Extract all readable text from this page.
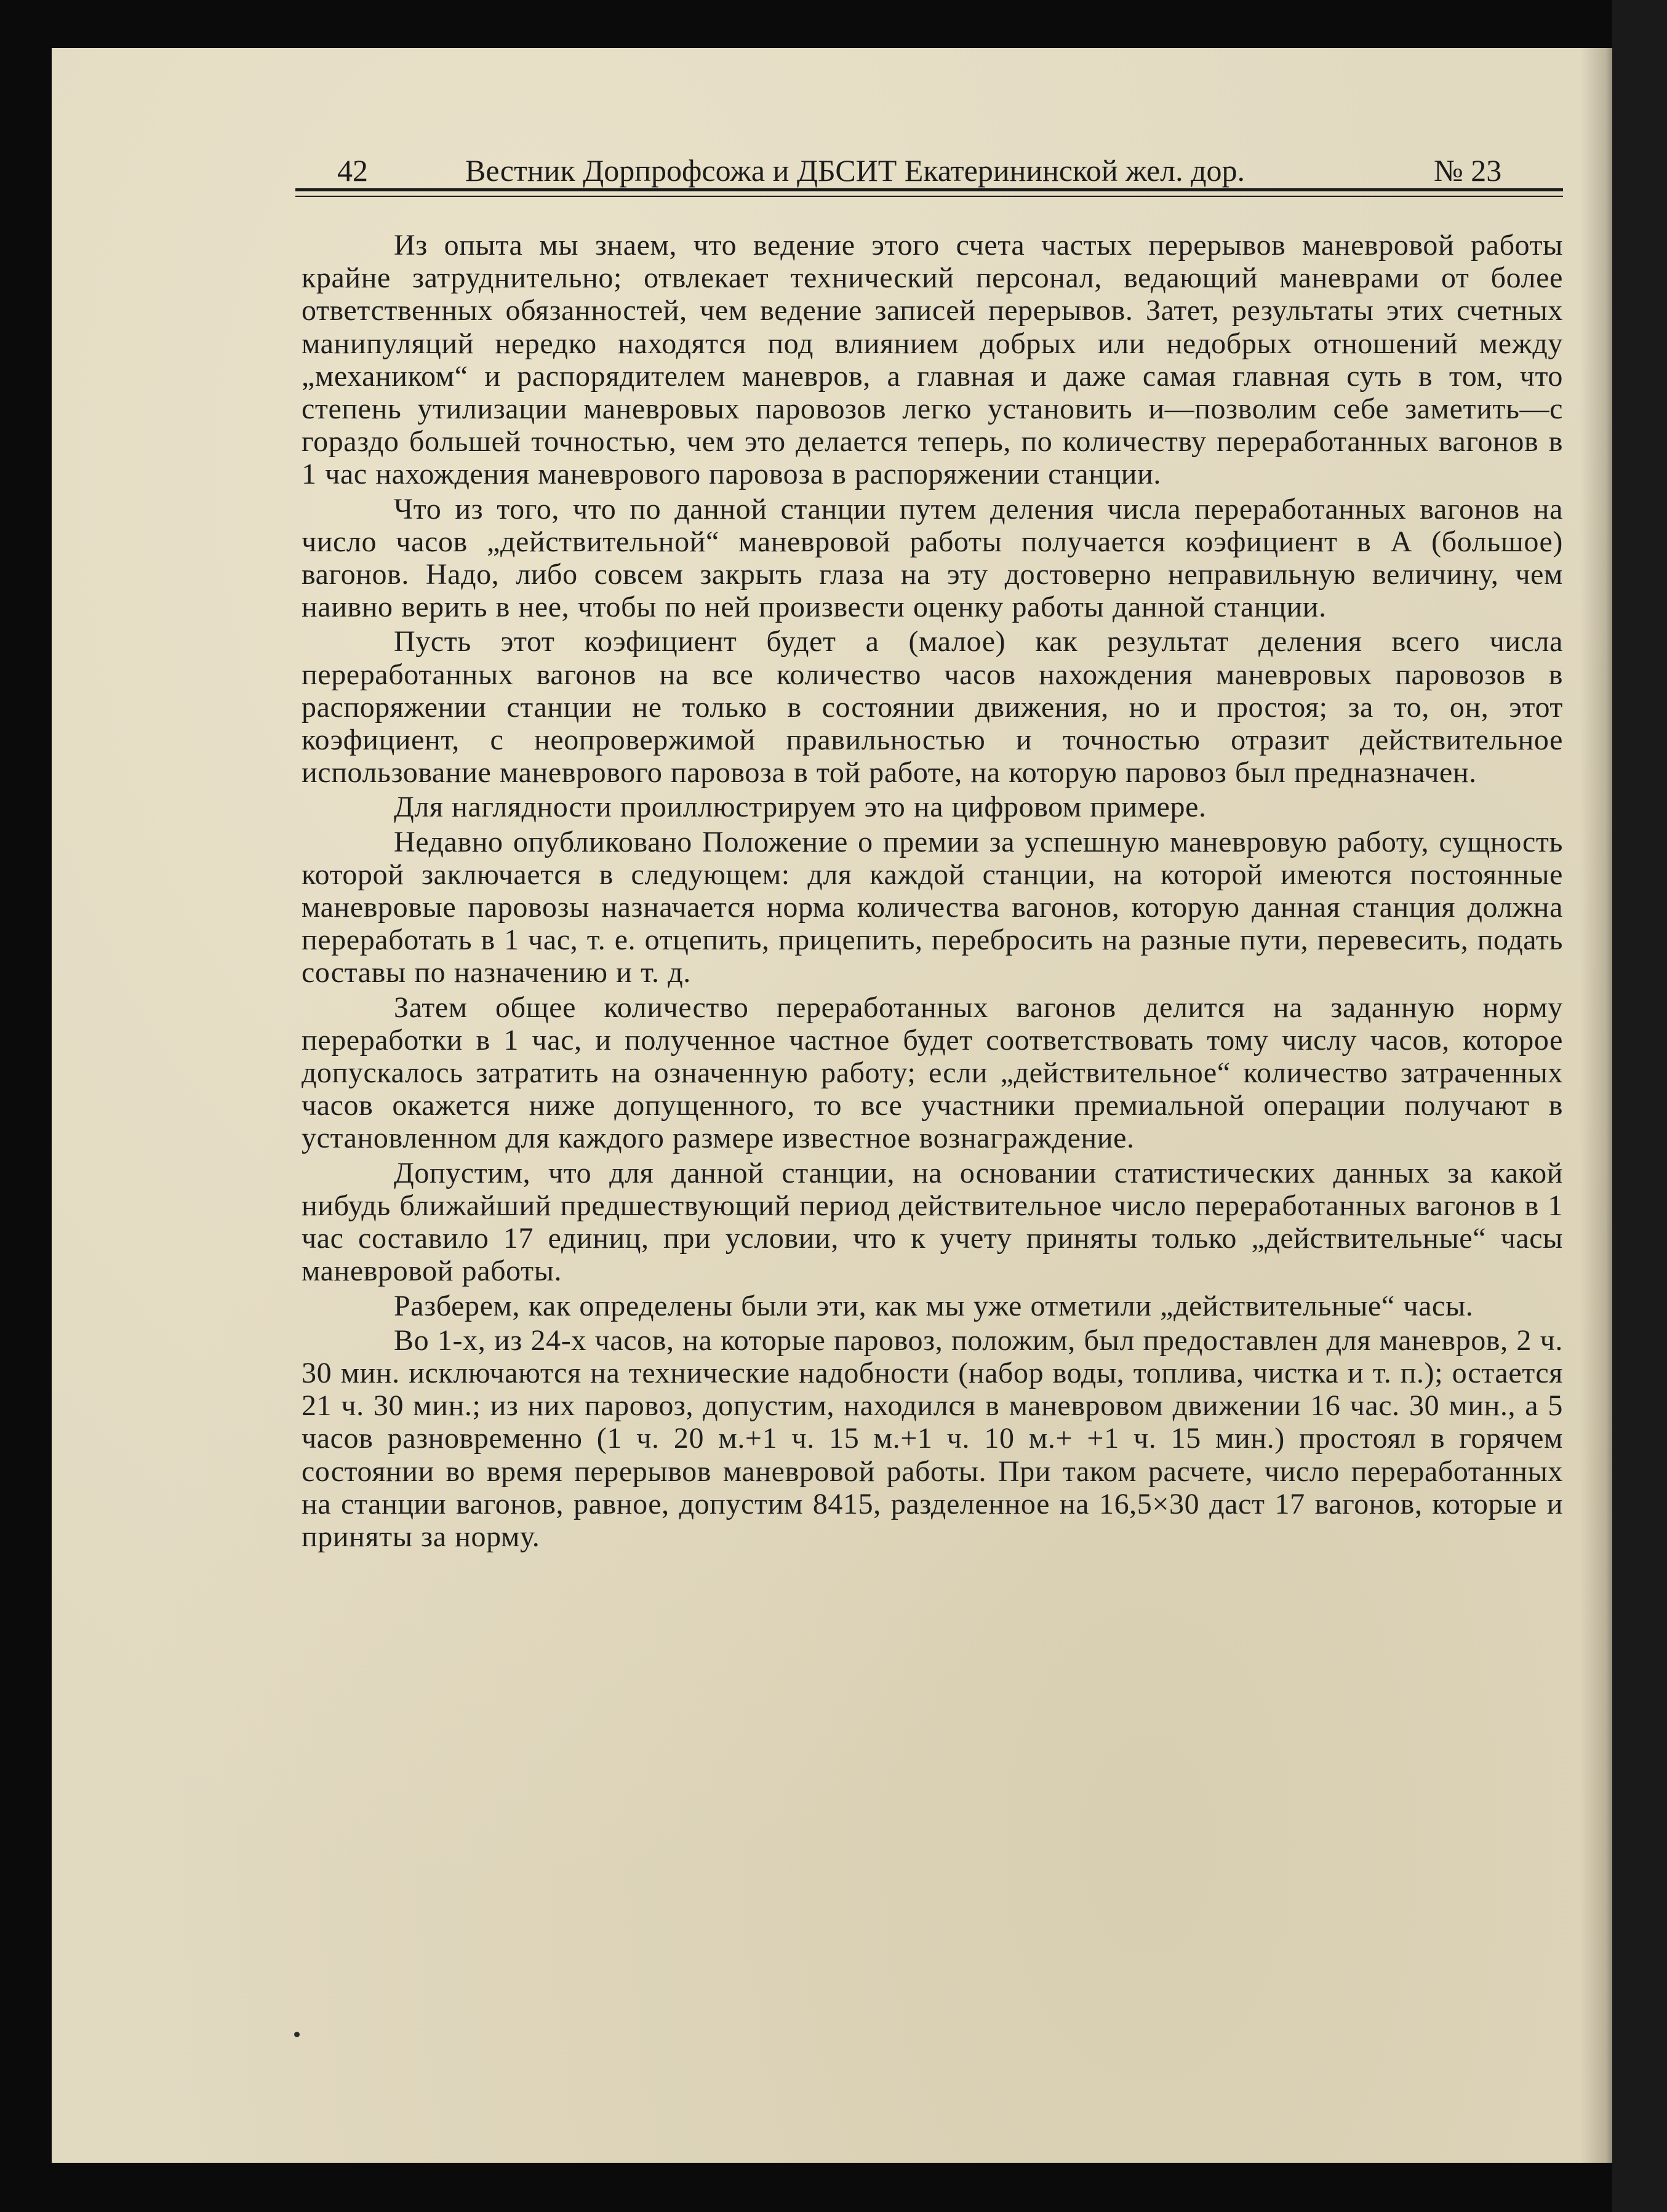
42	Вестник Дорпрофсожа и ДБСИТ Екатерининской жел. дор.	№ 23

Из опыта мы знаем, что ведение этого счета частых перерывов маневровой работы крайне затруднительно; отвлекает технический персонал, ведающий маневрами от более ответственных обязанностей, чем ведение записей перерывов. Затет, результаты этих счетных манипуляций нередко находятся под влиянием добрых или недобрых отношений между „механиком“ и распорядителем маневров, а главная и даже самая главная суть в том, что степень утилизации маневровых паровозов легко установить и—позволим себе заметить—с гораздо большей точностью, чем это делается теперь, по количеству переработанных вагонов в 1 час нахождения маневрового паровоза в распоряжении станции.

Что из того, что по данной станции путем деления числа переработанных вагонов на число часов „действительной“ маневровой работы получается коэфициент в А (большое) вагонов. Надо, либо совсем закрыть глаза на эту достоверно неправильную величину, чем наивно верить в нее, чтобы по ней произвести оценку работы данной станции.

Пусть этот коэфициент будет а (малое) как результат деления всего числа переработанных вагонов на все количество часов нахождения маневровых паровозов в распоряжении станции не только в состоянии движения, но и простоя; за то, он, этот коэфициент, с неопровержимой правильностью и точностью отразит действительное использование маневрового паровоза в той работе, на которую паровоз был предназначен.

Для наглядности проиллюстрируем это на цифровом примере.

Недавно опубликовано Положение о премии за успешную маневровую работу, сущность которой заключается в следующем: для каждой станции, на которой имеются постоянные маневровые паровозы назначается норма количества вагонов, которую данная станция должна переработать в 1 час, т. е. отцепить, прицепить, перебросить на разные пути, перевесить, подать составы по назначению и т. д.

Затем общее количество переработанных вагонов делится на заданную норму переработки в 1 час, и полученное частное будет соответствовать тому числу часов, которое допускалось затратить на означенную работу; если „действительное“ количество затраченных часов окажется ниже допущенного, то все участники премиальной операции получают в установленном для каждого размере известное вознаграждение.

Допустим, что для данной станции, на основании статистических данных за какой нибудь ближайший предшествующий период действительное число переработанных вагонов в 1 час составило 17 единиц, при условии, что к учету приняты только „действительные“ часы маневровой работы.

Разберем, как определены были эти, как мы уже отметили „действительные“ часы.

Во 1-х, из 24-х часов, на которые паровоз, положим, был предоставлен для маневров, 2 ч. 30 мин. исключаются на технические надобности (набор воды, топлива, чистка и т. п.); остается 21 ч. 30 мин.; из них паровоз, допустим, находился в маневровом движении 16 час. 30 мин., а 5 часов разновременно (1 ч. 20 м.+1 ч. 15 м.+1 ч. 10 м.+ +1 ч. 15 мин.) простоял в горячем состоянии во время перерывов маневровой работы. При таком расчете, число переработанных на станции вагонов, равное, допустим 8415, разделенное на 16,5×30 даст 17 вагонов, которые и приняты за норму.
